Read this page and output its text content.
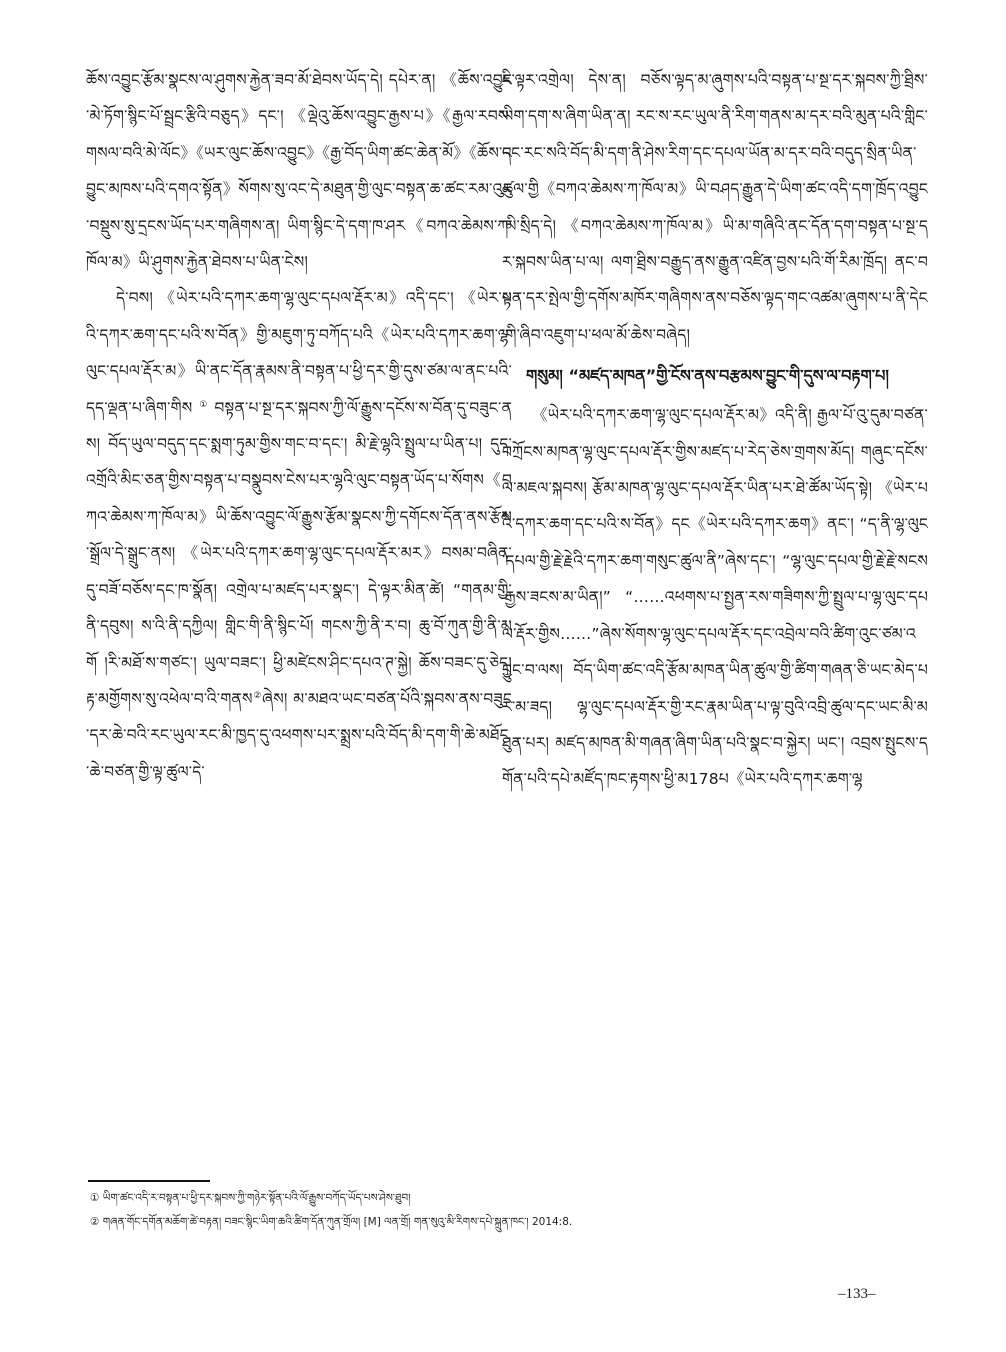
ཆོས་འབྱུང་རྩོམ་སྣངས་ལ་ཤུགས་རྐྱེན་ཟབ་མོ་ཐེབས་ཡོད་དེ། དཔེར་ན། 《ཆོས་འབྱུང་མེ་ཏོག་སྙིང་པོ་སྦྲང་རྩིའི་བཅུད》དང་། 《ལྡེའུ་ཆོས་འབྱུང་རྒྱས་པ》《རྒྱལ་རབས་གསལ་བའི་མེ་ལོང》《ཡར་ལུང་ཆོས་འབྱུང》《རྒྱ་བོད་ཡིག་ཚང་ཆེན་མོ》《ཆོས་འབྱུང་མཁས་པའི་དགའ་སྟོན》སོགས་སུ་འང་དེ་མཐུན་གྱི་ལུང་བསྟན་ཆ་ཚང་རམ་འུང་བསྡུས་སུ་དྲངས་ཡོད་པར་གཞིགས་ན། ཡིག་སྙིང་དེ་དག་ཁ་ཤར《བཀའ་ཆེམས་ཀ་ཁོལ་མ》ཡི་ཤུགས་རྐྱེན་ཐེབས་པ་ཡིན་ངེས།

དེ་བས། 《ཡེར་པའི་དཀར་ཆག་ལྷ་ལུང་དཔལ་རྡོར་མ》འདི་དང་། 《ཡེར་པའི་དཀར་ཆག་དང་པའི་ས་བོན》གྱི་མཇུག་ཏུ་བཀོད་པའི《ཡེར་པའི་དཀར་ཆག་ལྷ་ལུང་དཔལ་རྡོར་མ》ཡི་ནང་དོན་རྣམས་ནི་བསྟན་པ་ཕྱི་དར་གྱི་དུས་ཙམ་ལ་ནང་པའི་དད་ལྡན་པ་ཞིག་གིས①བསྟན་པ་སྔ་དར་སྐབས་ཀྱི་ལོ་རྒྱུས་དངོས་ས་བོན་དུ་བཟུང་ནས། བོད་ཡུལ་བདུད་དང་སྨག་ཏུམ་གྱིས་གང་བ་དང་། མི་རྗེ་ལྷའི་སྤྲུལ་པ་ཡིན་པ། དུད་འགྲོའི་མིང་ཅན་གྱིས་བསྟན་པ་བསྣུབས་ངེས་པར་ལྷའི་ལུང་བསྟན་ཡོད་པ་སོགས《བཀའ་ཆེམས་ཀ་ཁོལ་མ》ཡི་ཆོས་འབྱུང་ལོ་རྒྱུས་རྩོམ་སྣངས་ཀྱི་དགོངས་དོན་ནས་རྩོམ་སྒྲོལ་དེ་སྒྲུང་ནས། 《ཡེར་པའི་དཀར་ཆག་ལྷ་ལུང་དཔལ་རྡོར་མར》བསམ་བཞིན་དུ་བཟོ་བཅོས་དང་ཁ་སྣོན། འགྲེལ་པ་མཛད་པར་སྣང་། དེ་ལྟར་མིན་ཚེ། “གནམ་གྱི་ནི་དབུས། ས་འི་ནི་དཀྱིལ། གླིང་གི་ནི་སྙིང་པོ། གངས་ཀྱི་ནི་ར་བ། ཆུ་བོ་ཀུན་གྱི་ནི་མགོ །རི་མཐོ་ས་གཙང་། ཡུལ་བཟང་། ཕྱི་མཛེངས་ཤིང་དཔའ་ཊ་སྐྱེ། ཆོས་བཟང་དུ་ཅེད། རྟ་མགྱོགས་སུ་འཕེལ་བ་འི་གནས②ཞེས། མ་མཐའ་ཡང་བཙན་པོའི་སྐབས་ནས་བཟུང་དར་ཆེ་བའི་རང་ཡུལ་རང་མི་ཁྱད་དུ་འཕགས་པར་སྨྲས་པའི་བོད་མི་དག་གི་ཆེ་མཐོང་ཆེ་བཙན་གྱི་ལྟ་ཚུལ་དེ་

ཇི་ལྟར་འགྲེལ། དེས་ན། བཅོས་ལྟད་མ་ཞུགས་པའི་བསྟན་པ་སྔ་དར་སྐབས་ཀྱི་ཐྲིས་ཡིག་དག་ས་ཞིག་ཡིན་ན། རང་ས་རང་ཡུལ་ནི་རིག་གནས་མ་དར་བའི་མུན་པའི་གླིང་དང་རང་སའི་བོད་མི་དག་ནི་ཤེས་རིག་དང་དཔལ་ཡོན་མ་དར་བའི་བདུད་སྲིན་ཡིན་ཚུལ་གྱི《བཀའ་ཆེམས་ཀ་ཁོལ་མ》ཡི་བཤད་རྒྱུན་དེ་ཡིག་ཚང་འདི་དག་ཁྲོད་འབྱུང་མི་སྲིད་དེ། 《བཀའ་ཆེམས་ཀ་ཁོལ་མ》ཡི་མ་གཞིའི་ནང་དོན་དག་བསྟན་པ་སྔ་དར་སྐབས་ཡིན་པ་ལ། ལག་ཐྲིས་བརྒྱུད་ནས་རྒྱུན་འཛིན་བྱས་པའི་གོ་རིམ་ཁྲོད། ནང་བསྟན་དར་སྤེལ་གྱི་དགོས་མཁོར་གཞིགས་ནས་བཅོས་ལྟད་གང་འཚམ་ཞུགས་པ་ནི་དེང་གི་ཞིབ་འཇུག་པ་ཕལ་མོ་ཆེས་བཞེད།

གསུམ། “མཛད་མཁན”གྱི་ངོས་ནས་བརྩམས་བྱུང་གི་དུས་ལ་བརྟག་པ།

《ཡེར་པའི་དཀར་ཆག་ལྷ་ལུང་དཔལ་རྡོར་མ》འདི་ནི། རྒྱལ་པོ་འུ་དུམ་བཙན་བཀྲོངས་མཁན་ལྷ་ལུང་དཔལ་རྡོར་གྱིས་མཛད་པ་རེད་ཅེས་གྲགས་མོད། གཞུང་དངོས་ལ་མཇལ་སྐབས། རྩོམ་མཁན་ལྷ་ལུང་དཔལ་རྡོར་ཡིན་པར་ཐེ་ཚོམ་ཡོད་སྟེ། 《ཡེར་པའི་དཀར་ཆག་དང་པའི་ས་བོན》དང《ཡེར་པའི་དཀར་ཆག》ནང་། “ད་ནི་ལྷ་ལུང་དཔལ་གྱི་རྗེ་རྗེའི་དཀར་ཆག་གསུང་ཚུལ་ནི”ཞེས་དང་། “ལྷ་ལུང་དཔལ་གྱི་རྗེ་རྗེ་སངས་རྒྱས་ཟངས་མ་ཡིན།” “……འཕགས་པ་སྤྱན་རས་གཟིགས་ཀྱི་སྤྲུལ་པ་ལྷ་ལུང་དཔལ་རྡོར་གྱིས……”ཞེས་སོགས་ལྷ་ལུང་དཔལ་རྡོར་དང་འབྲེལ་བའི་ཚིག་འུང་ཙམ་འབྱུང་བ་ལས། བོད་ཡིག་ཚང་འདི་རྩོམ་མཁན་ཡིན་ཚུལ་གྱི་ཚིག་གཞན་ཅི་ཡང་མེད་པར་མ་ཟད། ལྷ་ལུང་དཔལ་རྡོར་གྱི་རང་རྣམ་ཡིན་པ་ལྟ་བུའི་འབྲི་ཚུལ་དང་ཡང་མི་མཐུན་པར། མཛད་མཁན་མི་གཞན་ཞིག་ཡིན་པའི་སྣང་བ་སྐྱེར། ཡང་། འབྲས་སྤུངས་དགོན་པའི་དཔེ་མཛོད་ཁང་རྟགས་ཕྱི་མ178པ《ཡེར་པའི་དཀར་ཆག་ལྷ

① ཡིག་ཚང་འདི་ར་བསྟན་པ་ཕྱི་དར་སྐབས་ཀྱི་གཉེར་སྟོན་པའི་ལོ་རྒྱུས་བཀོད་ཡོད་པས་ཤེས་ཐུབ།
② གཞན་གོང་དགོན་མཆོག་ཚེ་བརྟན། བཟང་སྙིང་ཡིག་ཆའི་ཚིག་དོན་ཀུན་གྲོལ། [M] ལན་གྲོ། གན་སུའུ་མི་རིགས་དཔེ་སྐྲུན་ཁང་། 2014:8.
–133–
